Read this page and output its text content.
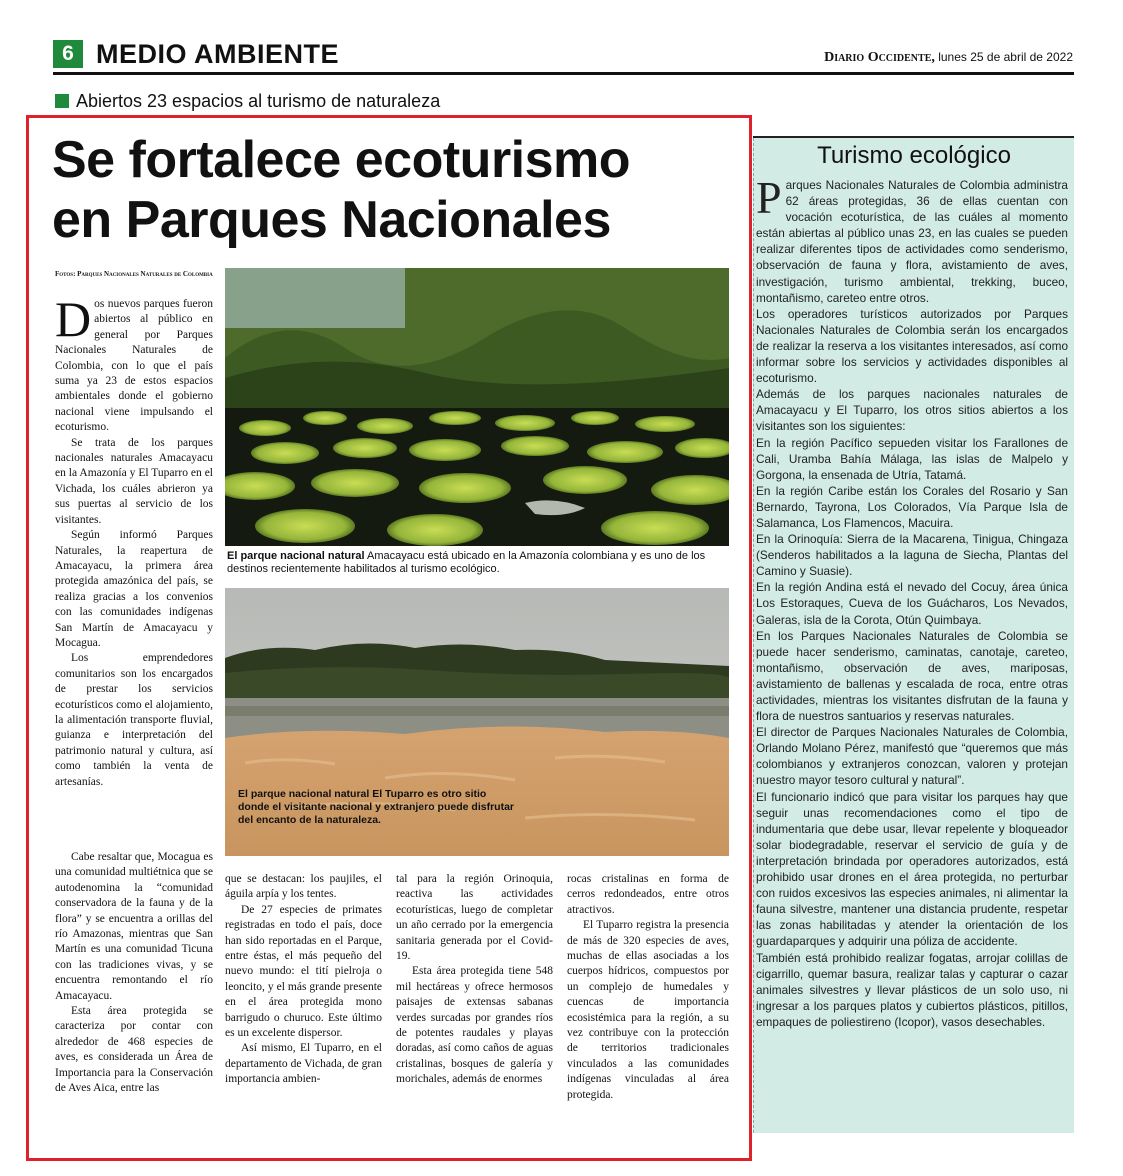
6 MEDIO AMBIENTE	Diario Occidente, lunes 25 de abril de 2022
Abiertos 23 espacios al turismo de naturaleza
Se fortalece ecoturismo
en Parques Nacionales
Fotos: Parques Nacionales Naturales de Colombia

Dos nuevos parques fueron abiertos al público en general por Parques Nacionales Naturales de Colombia, con lo que el país suma ya 23 de estos espacios ambientales donde el gobierno nacional viene impulsando el ecoturismo.

Se trata de los parques nacionales naturales Amacayacu en la Amazonía y El Tuparro en el Vichada, los cuáles abrieron ya sus puertas al servicio de los visitantes.

Según informó Parques Naturales, la reapertura de Amacayacu, la primera área protegida amazónica del país, se realiza gracias a los convenios con las comunidades indígenas San Martín de Amacayacu y Mocagua.

Los emprendedores comunitarios son los encargados de prestar los servicios ecoturísticos como el alojamiento, la alimentación transporte fluvial, guianza e interpretación del patrimonio natural y cultura, así como también la venta de artesanías.

Cabe resaltar que, Mocagua es una comunidad multiétnica que se autodenomina la “comunidad conservadora de la fauna y de la flora” y se encuentra a orillas del río Amazonas, mientras que San Martín es una comunidad Ticuna con las tradiciones vivas, y se encuentra remontando el río Amacayacu.

Esta área protegida se caracteriza por contar con alrededor de 468 especies de aves, es considerada un Área de Importancia para la Conservación de Aves Aica, entre las

El parque nacional natural Amacayacu está ubicado en la Amazonía colombiana y es uno de los destinos recientemente habilitados al turismo ecológico.
El parque nacional natural El Tuparro es otro sitio donde el visitante nacional y extranjero puede disfrutar del encanto de la naturaleza.

que se destacan: los paujiles, el águila arpía y los tentes.

De 27 especies de primates registradas en todo el país, doce han sido reportadas en el Parque, entre éstas, el más pequeño del nuevo mundo: el tití pielroja o leoncito, y el más grande presente en el área protegida mono barrigudo o churuco. Este último es un excelente dispersor.

Así mismo, El Tuparro, en el departamento de Vichada, de gran importancia ambien-

tal para la región Orinoquia, reactiva las actividades ecoturísticas, luego de completar un año cerrado por la emergencia sanitaria generada por el Covid-19.

Esta área protegida tiene 548 mil hectáreas y ofrece hermosos paisajes de extensas sabanas verdes surcadas por grandes ríos de potentes raudales y playas doradas, así como caños de aguas cristalinas, bosques de galería y morichales, además de enormes

rocas cristalinas en forma de cerros redondeados, entre otros atractivos.

El Tuparro registra la presencia de más de 320 especies de aves, muchas de ellas asociadas a los cuerpos hídricos, compuestos por un complejo de humedales y cuencas de importancia ecosistémica para la región, a su vez contribuye con la protección de territorios tradicionales vinculados a las comunidades indígenas vinculadas al área protegida.

Turismo ecológico
Parques Nacionales Naturales de Colombia administra 62 áreas protegidas, 36 de ellas cuentan con vocación ecoturística, de las cuáles al momento están abiertas al público unas 23, en las cuales se pueden realizar diferentes tipos de actividades como senderismo, observación de fauna y flora, avistamiento de aves, investigación, turismo ambiental, trekking, buceo, montañismo, careteo entre otros.
Los operadores turísticos autorizados por Parques Nacionales Naturales de Colombia serán los encargados de realizar la reserva a los visitantes interesados, así como informar sobre los servicios y actividades disponibles al ecoturismo.
Además de los parques nacionales naturales de Amacayacu y El Tuparro, los otros sitios abiertos a los visitantes son los siguientes:
En la región Pacífico sepueden visitar los Farallones de Cali, Uramba Bahía Málaga, las islas de Malpelo y Gorgona, la ensenada de Utría, Tatamá.
En la región Caribe están los Corales del Rosario y San Bernardo, Tayrona, Los Colorados, Vía Parque Isla de Salamanca, Los Flamencos, Macuira.
En la Orinoquía: Sierra de la Macarena, Tinigua, Chingaza (Senderos habilitados a la laguna de Siecha, Plantas del Camino y Suasie).
En la región Andina está el nevado del Cocuy, área única Los Estoraques, Cueva de los Guácharos, Los Nevados, Galeras, isla de la Corota, Otún Quimbaya.
En los Parques Nacionales Naturales de Colombia se puede hacer senderismo, caminatas, canotaje, careteo, montañismo, observación de aves, mariposas, avistamiento de ballenas y escalada de roca, entre otras actividades, mientras los visitantes disfrutan de la fauna y flora de nuestros santuarios y reservas naturales.
El director de Parques Nacionales Naturales de Colombia, Orlando Molano Pérez, manifestó que “queremos que más colombianos y extranjeros conozcan, valoren y protejan nuestro mayor tesoro cultural y natural”.
El funcionario indicó que para visitar los parques hay que seguir unas recomendaciones como el tipo de indumentaria que debe usar, llevar repelente y bloqueador solar biodegradable, reservar el servicio de guía y de interpretación brindada por operadores autorizados, está prohibido usar drones en el área protegida, no perturbar con ruidos excesivos las especies animales, ni alimentar la fauna silvestre, mantener una distancia prudente, respetar las zonas habilitadas y atender la orientación de los guardaparques y adquirir una póliza de accidente.
También está prohibido realizar fogatas, arrojar colillas de cigarrillo, quemar basura, realizar talas y capturar o cazar animales silvestres y llevar plásticos de un solo uso, ni ingresar a los parques platos y cubiertos plásticos, pitillos, empaques de poliestireno (Icopor), vasos desechables.
